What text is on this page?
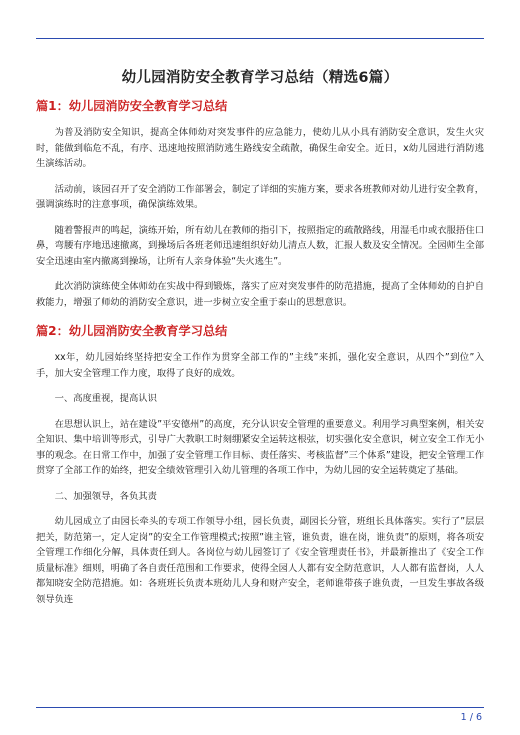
幼儿园消防安全教育学习总结（精选6篇）
篇1：幼儿园消防安全教育学习总结

为普及消防安全知识，提高全体师幼对突发事件的应急能力，使幼儿从小具有消防安全意识，发生火灾时，能做到临危不乱，有序、迅速地按照消防逃生路线安全疏散，确保生命安全。近日，x幼儿园进行消防逃生演练活动。

活动前，该园召开了安全消防工作部署会，制定了详细的实施方案，要求各班教师对幼儿进行安全教育，强调演练时的注意事项，确保演练效果。

随着警报声的鸣起，演练开始，所有幼儿在教师的指引下，按照指定的疏散路线，用湿毛巾或衣服捂住口鼻，弯腰有序地迅速撤离，到操场后各班老师迅速组织好幼儿清点人数，汇报人数及安全情况。全园师生全部安全迅速由室内撤离到操场，让所有人亲身体验“失火逃生”。

此次消防演练使全体师幼在实战中得到锻炼，落实了应对突发事件的防范措施，提高了全体师幼的自护自救能力，增强了师幼的消防安全意识，进一步树立安全重于泰山的思想意识。

篇2：幼儿园消防安全教育学习总结

xx年，幼儿园始终坚持把安全工作作为贯穿全部工作的”主线”来抓，强化安全意识，从四个”到位”入手，加大安全管理工作力度，取得了良好的成效。

一、高度重视，提高认识

在思想认识上，站在建设”平安德州”的高度，充分认识安全管理的重要意义。利用学习典型案例，相关安全知识、集中培训等形式，引导广大教职工时刻绷紧安全运转这根弦，切实强化安全意识，树立安全工作无小事的观念。在日常工作中，加强了安全管理工作目标、责任落实、考核监督”三个体系”建设，把安全管理工作贯穿了全部工作的始终，把安全绩效管理引入幼儿管理的各项工作中，为幼儿园的安全运转奠定了基础。

二、加强领导，各负其责

幼儿园成立了由园长牵头的专项工作领导小组，园长负责，副园长分管，班组长具体落实。实行了”层层把关，防范第一，定人定岗”的安全工作管理模式;按照”谁主管，谁负责，谁在岗，谁负责”的原则，将各项安全管理工作细化分解，具体责任到人。各岗位与幼儿园签订了《安全管理责任书》，并最新推出了《安全工作质量标准》细则，明确了各自责任范围和工作要求，使得全园人人都有安全防范意识，人人都有监督岗，人人都知晓安全防范措施。如：各班班长负责本班幼儿人身和财产安全，老师谁带孩子谁负责，一旦发生事故各级领导负连

1 / 6
